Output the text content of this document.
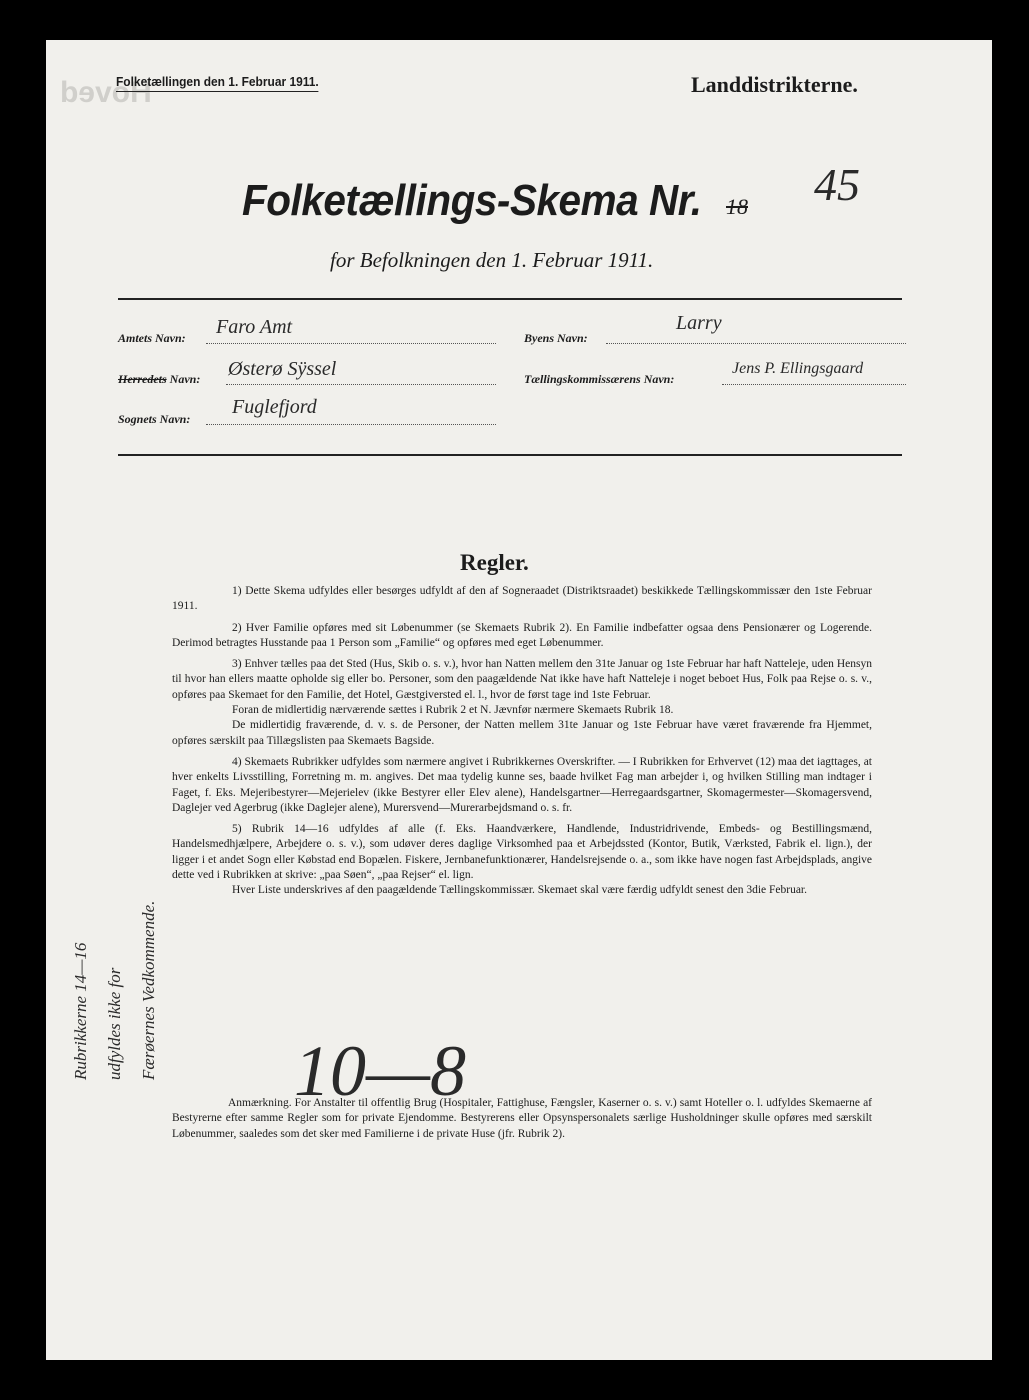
Hoved
Folketællingen den 1. Februar 1911.	Landdistrikterne.
Folketællings-Skema Nr. 18 45
for Befolkningen den 1. Februar 1911.
Amtets Navn: Faro Amt	Byens Navn:
Larry
Herredets Navn: Østerø Sÿssel	Tællingskommissærens Navn:
Jens P. Ellingsgaard
Sognets Navn:
Fuglefjord
Regler.

1) Dette Skema udfyldes eller besørges udfyldt af den af Sogneraadet (Distriktsraadet) beskikkede Tællingskommissær den 1ste Februar 1911.

2) Hver Familie opføres med sit Løbenummer (se Skemaets Rubrik 2). En Familie indbefatter ogsaa dens Pensionærer og Logerende. Derimod betragtes Husstande paa 1 Person som „Familie“ og opføres med eget Løbenummer.

3) Enhver tælles paa det Sted (Hus, Skib o. s. v.), hvor han Natten mellem den 31te Januar og 1ste Februar har haft Natteleje, uden Hensyn til hvor han ellers maatte opholde sig eller bo. Personer, som den paagældende Nat ikke have haft Natteleje i noget beboet Hus, Folk paa Rejse o. s. v., opføres paa Skemaet for den Familie, det Hotel, Gæstgiversted el. l., hvor de først tage ind 1ste Februar.

Foran de midlertidig nærværende sættes i Rubrik 2 et N. Jævnfør nærmere Skemaets Rubrik 18.

De midlertidig fraværende, d. v. s. de Personer, der Natten mellem 31te Januar og 1ste Februar have været fraværende fra Hjemmet, opføres særskilt paa Tillægslisten paa Skemaets Bagside.

4) Skemaets Rubrikker udfyldes som nærmere angivet i Rubrikkernes Overskrifter. — I Rubrikken for Erhvervet (12) maa det iagttages, at hver enkelts Livsstilling, Forretning m. m. angives. Det maa tydelig kunne ses, baade hvilket Fag man arbejder i, og hvilken Stilling man indtager i Faget, f. Eks. Mejeribestyrer—Mejerielev (ikke Bestyrer eller Elev alene), Handelsgartner—Herregaardsgartner, Skomagermester—Skomagersvend, Daglejer ved Agerbrug (ikke Daglejer alene), Murersvend—Murerarbejdsmand o. s. fr.

5) Rubrik 14—16 udfyldes af alle (f. Eks. Haandværkere, Handlende, Industridrivende, Embeds- og Bestillingsmænd, Handelsmedhjælpere, Arbejdere o. s. v.), som udøver deres daglige Virksomhed paa et Arbejdssted (Kontor, Butik, Værksted, Fabrik el. lign.), der ligger i et andet Sogn eller Købstad end Bopælen. Fiskere, Jernbanefunktionærer, Handelsrejsende o. a., som ikke have nogen fast Arbejdsplads, angive dette ved i Rubrikken at skrive: „paa Søen“, „paa Rejser“ el. lign.

Hver Liste underskrives af den paagældende Tællingskommissær. Skemaet skal være færdig udfyldt senest den 3die Februar.

Anmærkning. For Anstalter til offentlig Brug (Hospitaler, Fattighuse, Fængsler, Kaserner o. s. v.) samt Hoteller o. l. udfyldes Skemaerne af Bestyrerne efter samme Regler som for private Ejendomme. Bestyrerens eller Opsynspersonalets særlige Husholdninger skulle opføres med særskilt Løbenummer, saaledes som det sker med Familierne i de private Huse (jfr. Rubrik 2).

Rubrikkerne 14—16 udfyldes ikke for Færøernes Vedkommende. 10—8
